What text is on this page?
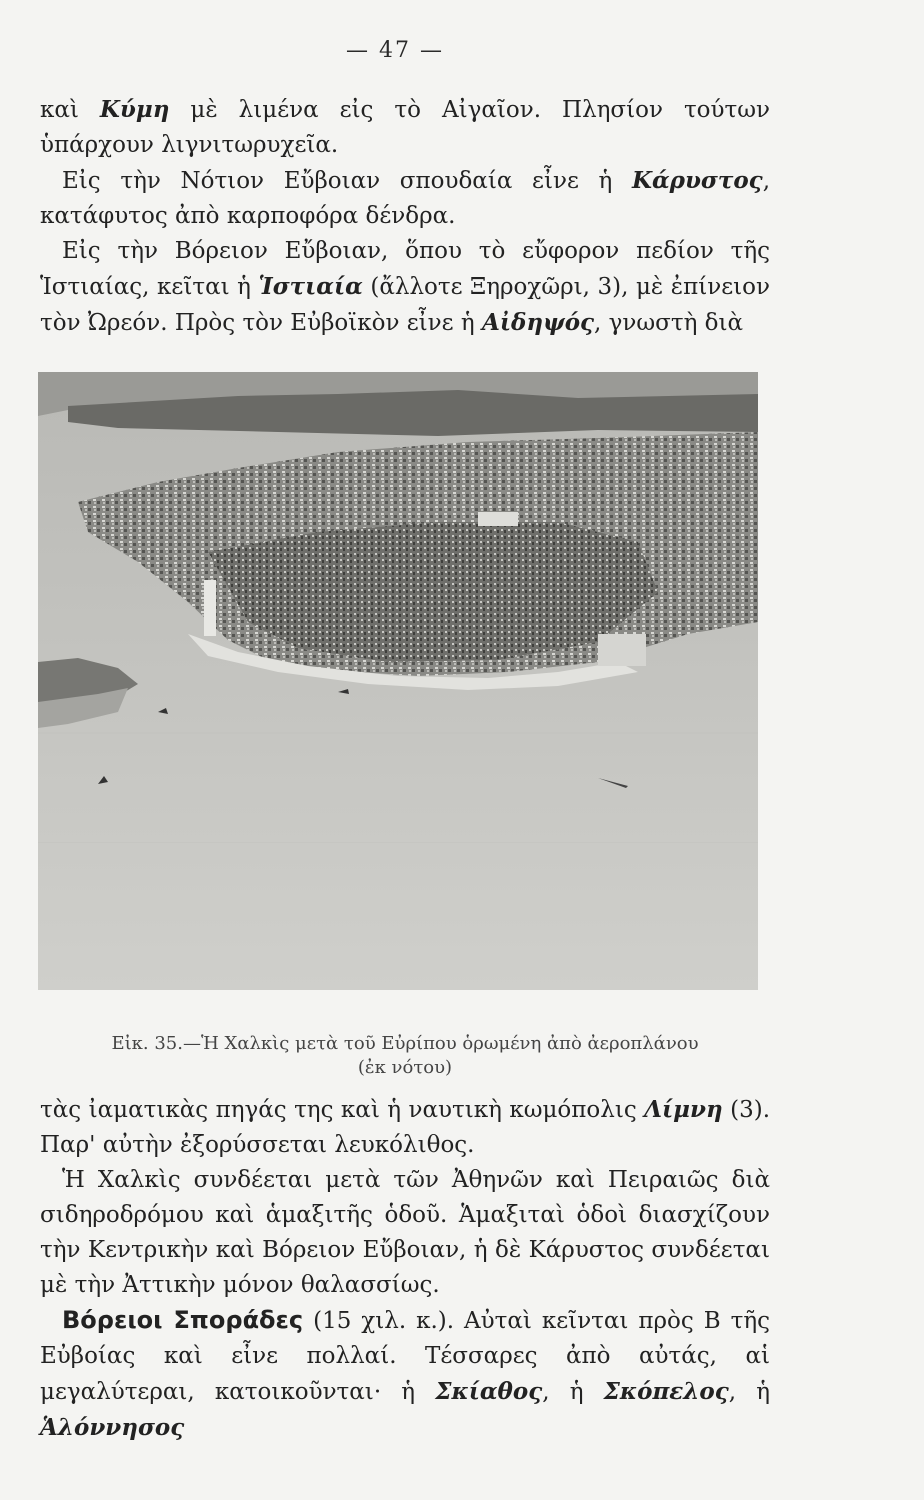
— 47 —

καὶ Κύμη μὲ λιμένα εἰς τὸ Αἰγαῖον. Πλησίον τούτων ὑπάρχουν λιγνιτωρυχεῖα.

Εἰς τὴν Νότιον Εὔβοιαν σπουδαία εἶνε ἡ Κάρυστος, κατάφυτος ἀπὸ καρποφόρα δένδρα.

Εἰς τὴν Βόρειον Εὔβοιαν, ὅπου τὸ εὔφορον πεδίον τῆς Ἱστιαίας, κεῖται ἡ Ἱστιαία (ἄλλοτε Ξηροχῶρι, 3), μὲ ἐπίνειον τὸν Ὠρεόν. Πρὸς τὸν Εὐβοϊκὸν εἶνε ἡ Αἰδηψός, γνωστὴ διὰ

Εἰκ. 35.—Ἡ Χαλκὶς μετὰ τοῦ Εὐρίπου ὁρωμένη ἀπὸ ἀεροπλάνου
(ἐκ νότου)

τὰς ἰαματικὰς πηγάς της καὶ ἡ ναυτικὴ κωμόπολις Λίμνη (3). Παρ' αὐτὴν ἐξορύσσεται λευκόλιθος.

Ἡ Χαλκὶς συνδέεται μετὰ τῶν Ἀθηνῶν καὶ Πειραιῶς διὰ σιδηροδρόμου καὶ ἁμαξιτῆς ὁδοῦ. Ἁμαξιταὶ ὁδοὶ διασχίζουν τὴν Κεντρικὴν καὶ Βόρειον Εὔβοιαν, ἡ δὲ Κάρυστος συνδέεται μὲ τὴν Ἀττικὴν μόνον θαλασσίως.

Βόρειοι Σποράδες (15 χιλ. κ.). Αὐταὶ κεῖνται πρὸς Β τῆς Εὐβοίας καὶ εἶνε πολλαί. Τέσσαρες ἀπὸ αὐτάς, αἱ μεγαλύτεραι, κατοικοῦνται· ἡ Σκίαθος, ἡ Σκόπελος, ἡ Ἁλόννησος
